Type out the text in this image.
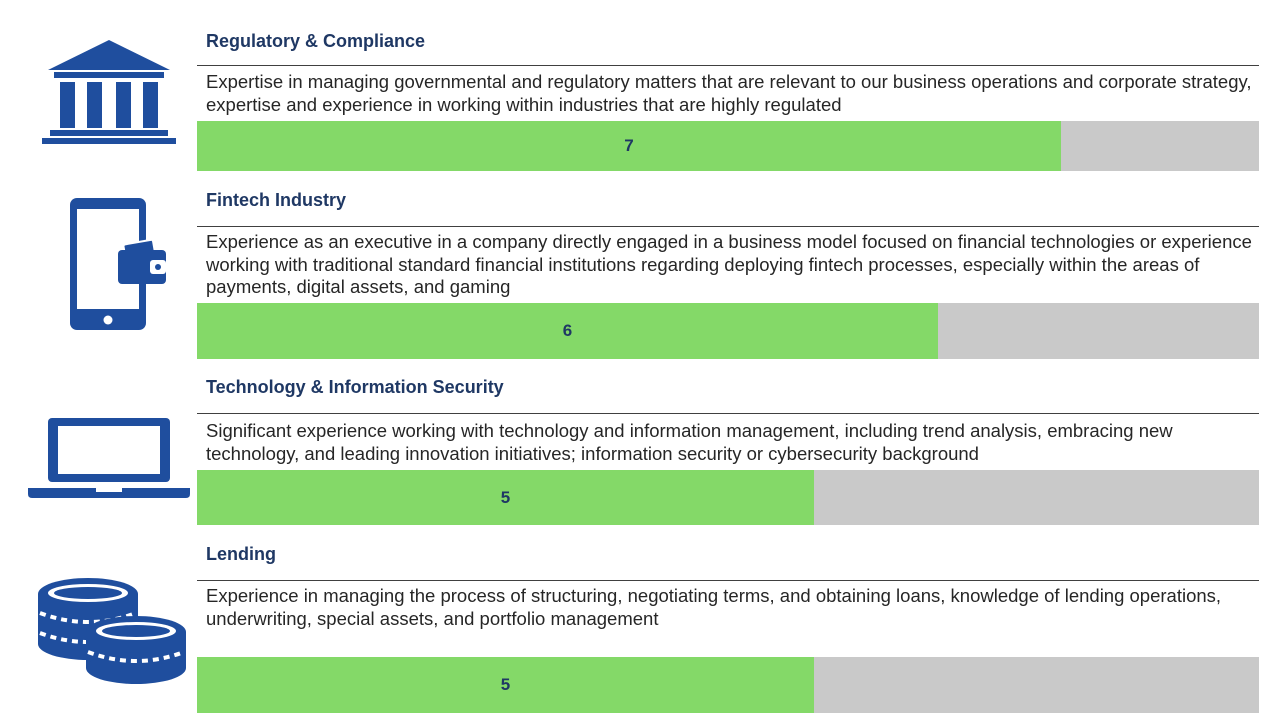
Regulatory & Compliance
Expertise in managing governmental and regulatory matters that are relevant to our business operations and corporate strategy, expertise and experience in working within industries that are highly regulated
7
Fintech Industry
Experience as an executive in a company directly engaged in a business model focused on financial technologies or experience working with traditional standard financial institutions regarding deploying fintech processes, especially within the areas of payments, digital assets, and gaming
6
Technology & Information Security
Significant experience working with technology and information management, including trend analysis, embracing new technology, and leading innovation initiatives; information security or cybersecurity background
5
Lending
Experience in managing the process of structuring, negotiating terms, and obtaining loans, knowledge of lending operations, underwriting, special assets, and portfolio management
5
